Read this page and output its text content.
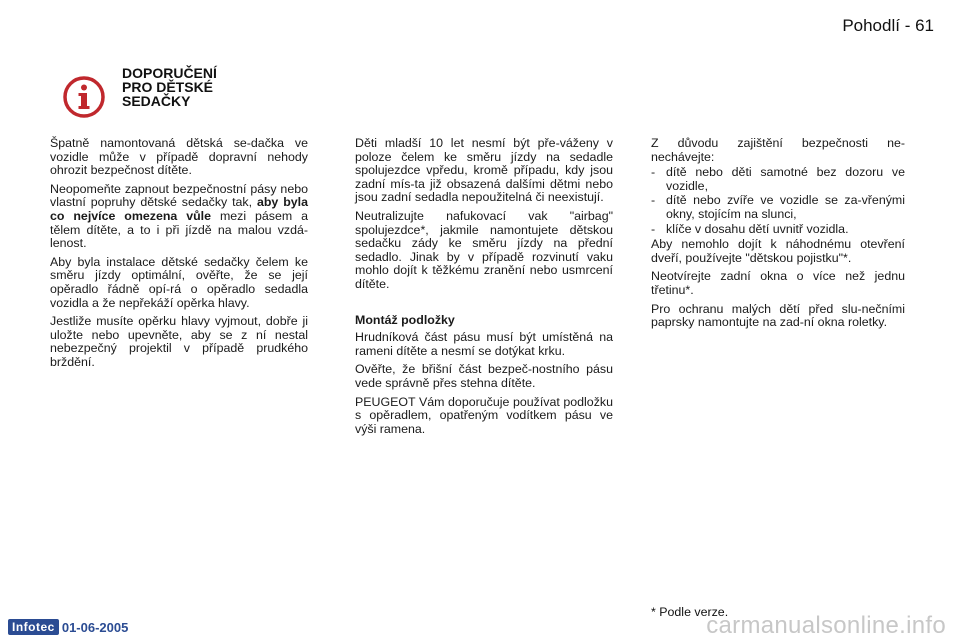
Pohodlí - 61
DOPORUČENÍ
PRO DĚTSKÉ
SEDAČKY

Špatně namontovaná dětská se-dačka ve vozidle může v případě dopravní nehody ohrozit bezpečnost dítěte.

Neopomeňte zapnout bezpečnostní pásy nebo vlastní popruhy dětské sedačky tak, aby byla co nejvíce omezena vůle mezi pásem a tělem dítěte, a to i při jízdě na malou vzdá-lenost.

Aby byla instalace dětské sedačky čelem ke směru jízdy optimální, ověřte, že se její opěradlo řádně opí-rá o opěradlo sedadla vozidla a že nepřekáží opěrka hlavy.

Jestliže musíte opěrku hlavy vyjmout, dobře ji uložte nebo upevněte, aby se z ní nestal nebezpečný projektil v případě prudkého brždění.

Děti mladší 10 let nesmí být pře-váženy v poloze čelem ke směru jízdy na sedadle spolujezdce vpředu, kromě případu, kdy jsou zadní mís-ta již obsazená dalšími dětmi nebo jsou zadní sedadla nepoužitelná či neexistují.

Neutralizujte nafukovací vak "airbag" spolujezdce*, jakmile namontujete dětskou sedačku zády ke směru jízdy na přední sedadlo. Jinak by v případě rozvinutí vaku mohlo dojít k těžkému zranění nebo usmrcení dítěte.

Montáž podložky

Hrudníková část pásu musí být umístěná na rameni dítěte a nesmí se dotýkat krku.

Ověřte, že břišní část bezpeč-nostního pásu vede správně přes stehna dítěte.

PEUGEOT Vám doporučuje používat podložku s opěradlem, opatřeným vodítkem pásu ve výši ramena.

Z důvodu zajištění bezpečnosti ne-nechávejte:

- dítě nebo děti samotné bez dozoru ve vozidle,
- dítě nebo zvíře ve vozidle se za-vřenými okny, stojícím na slunci,
- klíče v dosahu dětí uvnitř vozidla.

Aby nemohlo dojít k náhodnému otevření dveří, používejte "dětskou pojistku"*.

Neotvírejte zadní okna o více než jednu třetinu*.

Pro ochranu malých dětí před slu-nečními paprsky namontujte na zad-ní okna roletky.

* Podle verze.
Infotec 01-06-2005	carmanualsonline.info
